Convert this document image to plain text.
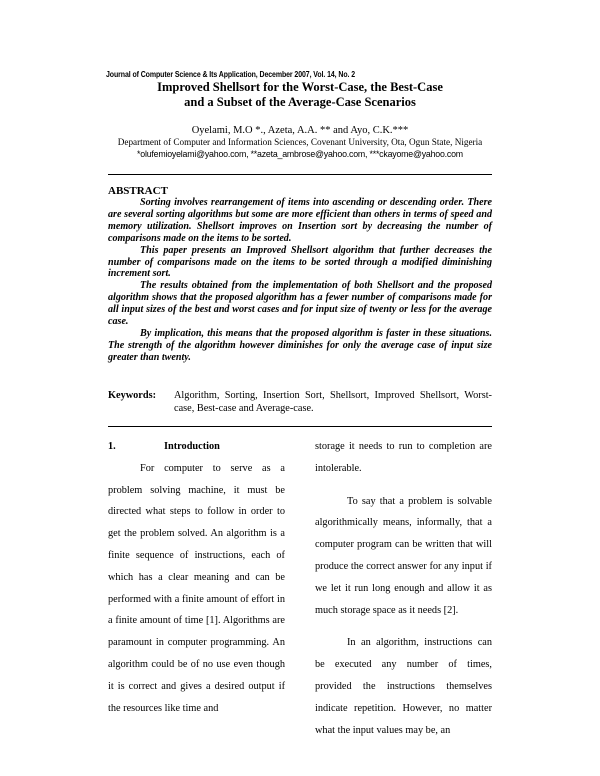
Journal of Computer Science & Its Application, December 2007, Vol. 14, No. 2
Improved Shellsort for the Worst-Case, the Best-Case
and a Subset of the Average-Case Scenarios
Oyelami, M.O *., Azeta, A.A. ** and Ayo, C.K.***
Department of Computer and Information Sciences, Covenant University, Ota, Ogun State, Nigeria
*olufemioyelami@yahoo.com, **azeta_ambrose@yahoo.com, ***ckayome@yahoo.com
ABSTRACT

Sorting involves rearrangement of items into ascending or descending order. There are several sorting algorithms but some are more efficient than others in terms of speed and memory utilization. Shellsort improves on Insertion sort by decreasing the number of comparisons made on the items to be sorted.

This paper presents an Improved Shellsort algorithm that further decreases the number of comparisons made on the items to be sorted through a modified diminishing increment sort.

The results obtained from the implementation of both Shellsort and the proposed algorithm shows that the proposed algorithm has a fewer number of comparisons made for all input sizes of the best and worst cases and for input size of twenty or less for the average case.

By implication, this means that the proposed algorithm is faster in these situations. The strength of the algorithm however diminishes for only the average case of input size greater than twenty.

Keywords: Algorithm, Sorting, Insertion Sort, Shellsort, Improved Shellsort, Worst-case, Best-case and Average-case.

1.	Introduction

For computer to serve as a problem solving machine, it must be directed what steps to follow in order to get the problem solved. An algorithm is a finite sequence of instructions, each of which has a clear meaning and can be performed with a finite amount of effort in a finite amount of time [1]. Algorithms are paramount in computer programming. An algorithm could be of no use even though it is correct and gives a desired output if the resources like time and

storage it needs to run to completion are intolerable.

To say that a problem is solvable algorithmically means, informally, that a computer program can be written that will produce the correct answer for any input if we let it run long enough and allow it as much storage space as it needs [2].

In an algorithm, instructions can be executed any number of times, provided the instructions themselves indicate repetition. However, no matter what the input values may be, an
